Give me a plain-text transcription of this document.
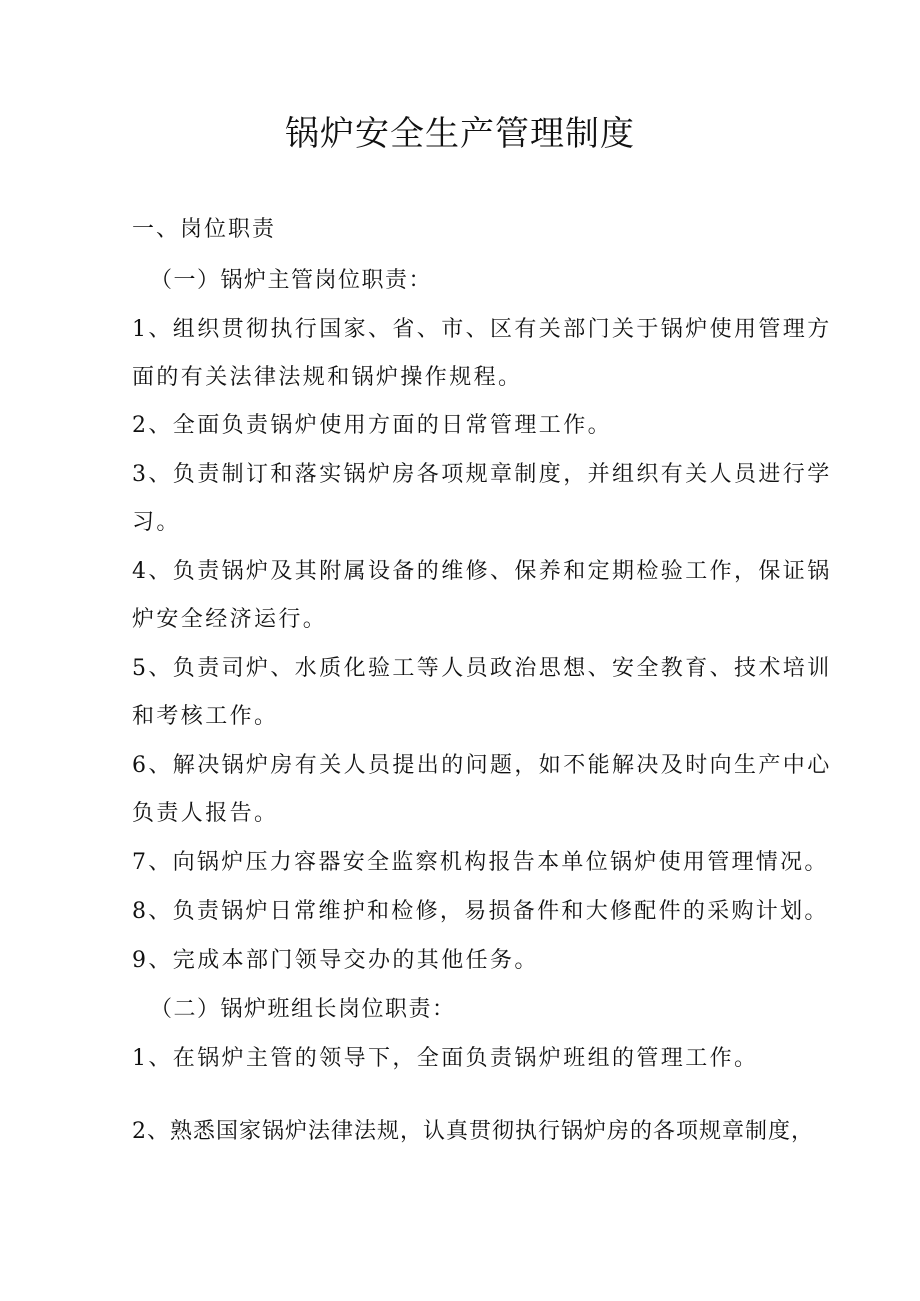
锅炉安全生产管理制度
一、岗位职责
（一）锅炉主管岗位职责：
1、组织贯彻执行国家、省、市、区有关部门关于锅炉使用管理方
面的有关法律法规和锅炉操作规程。
2、全面负责锅炉使用方面的日常管理工作。
3、负责制订和落实锅炉房各项规章制度，并组织有关人员进行学
习。
4、负责锅炉及其附属设备的维修、保养和定期检验工作，保证锅
炉安全经济运行。
5、负责司炉、水质化验工等人员政治思想、安全教育、技术培训
和考核工作。
6、解决锅炉房有关人员提出的问题，如不能解决及时向生产中心
负责人报告。
7、向锅炉压力容器安全监察机构报告本单位锅炉使用管理情况。
8、负责锅炉日常维护和检修，易损备件和大修配件的采购计划。
9、完成本部门领导交办的其他任务。
（二）锅炉班组长岗位职责：
1、在锅炉主管的领导下，全面负责锅炉班组的管理工作。
2、熟悉国家锅炉法律法规，认真贯彻执行锅炉房的各项规章制度，
